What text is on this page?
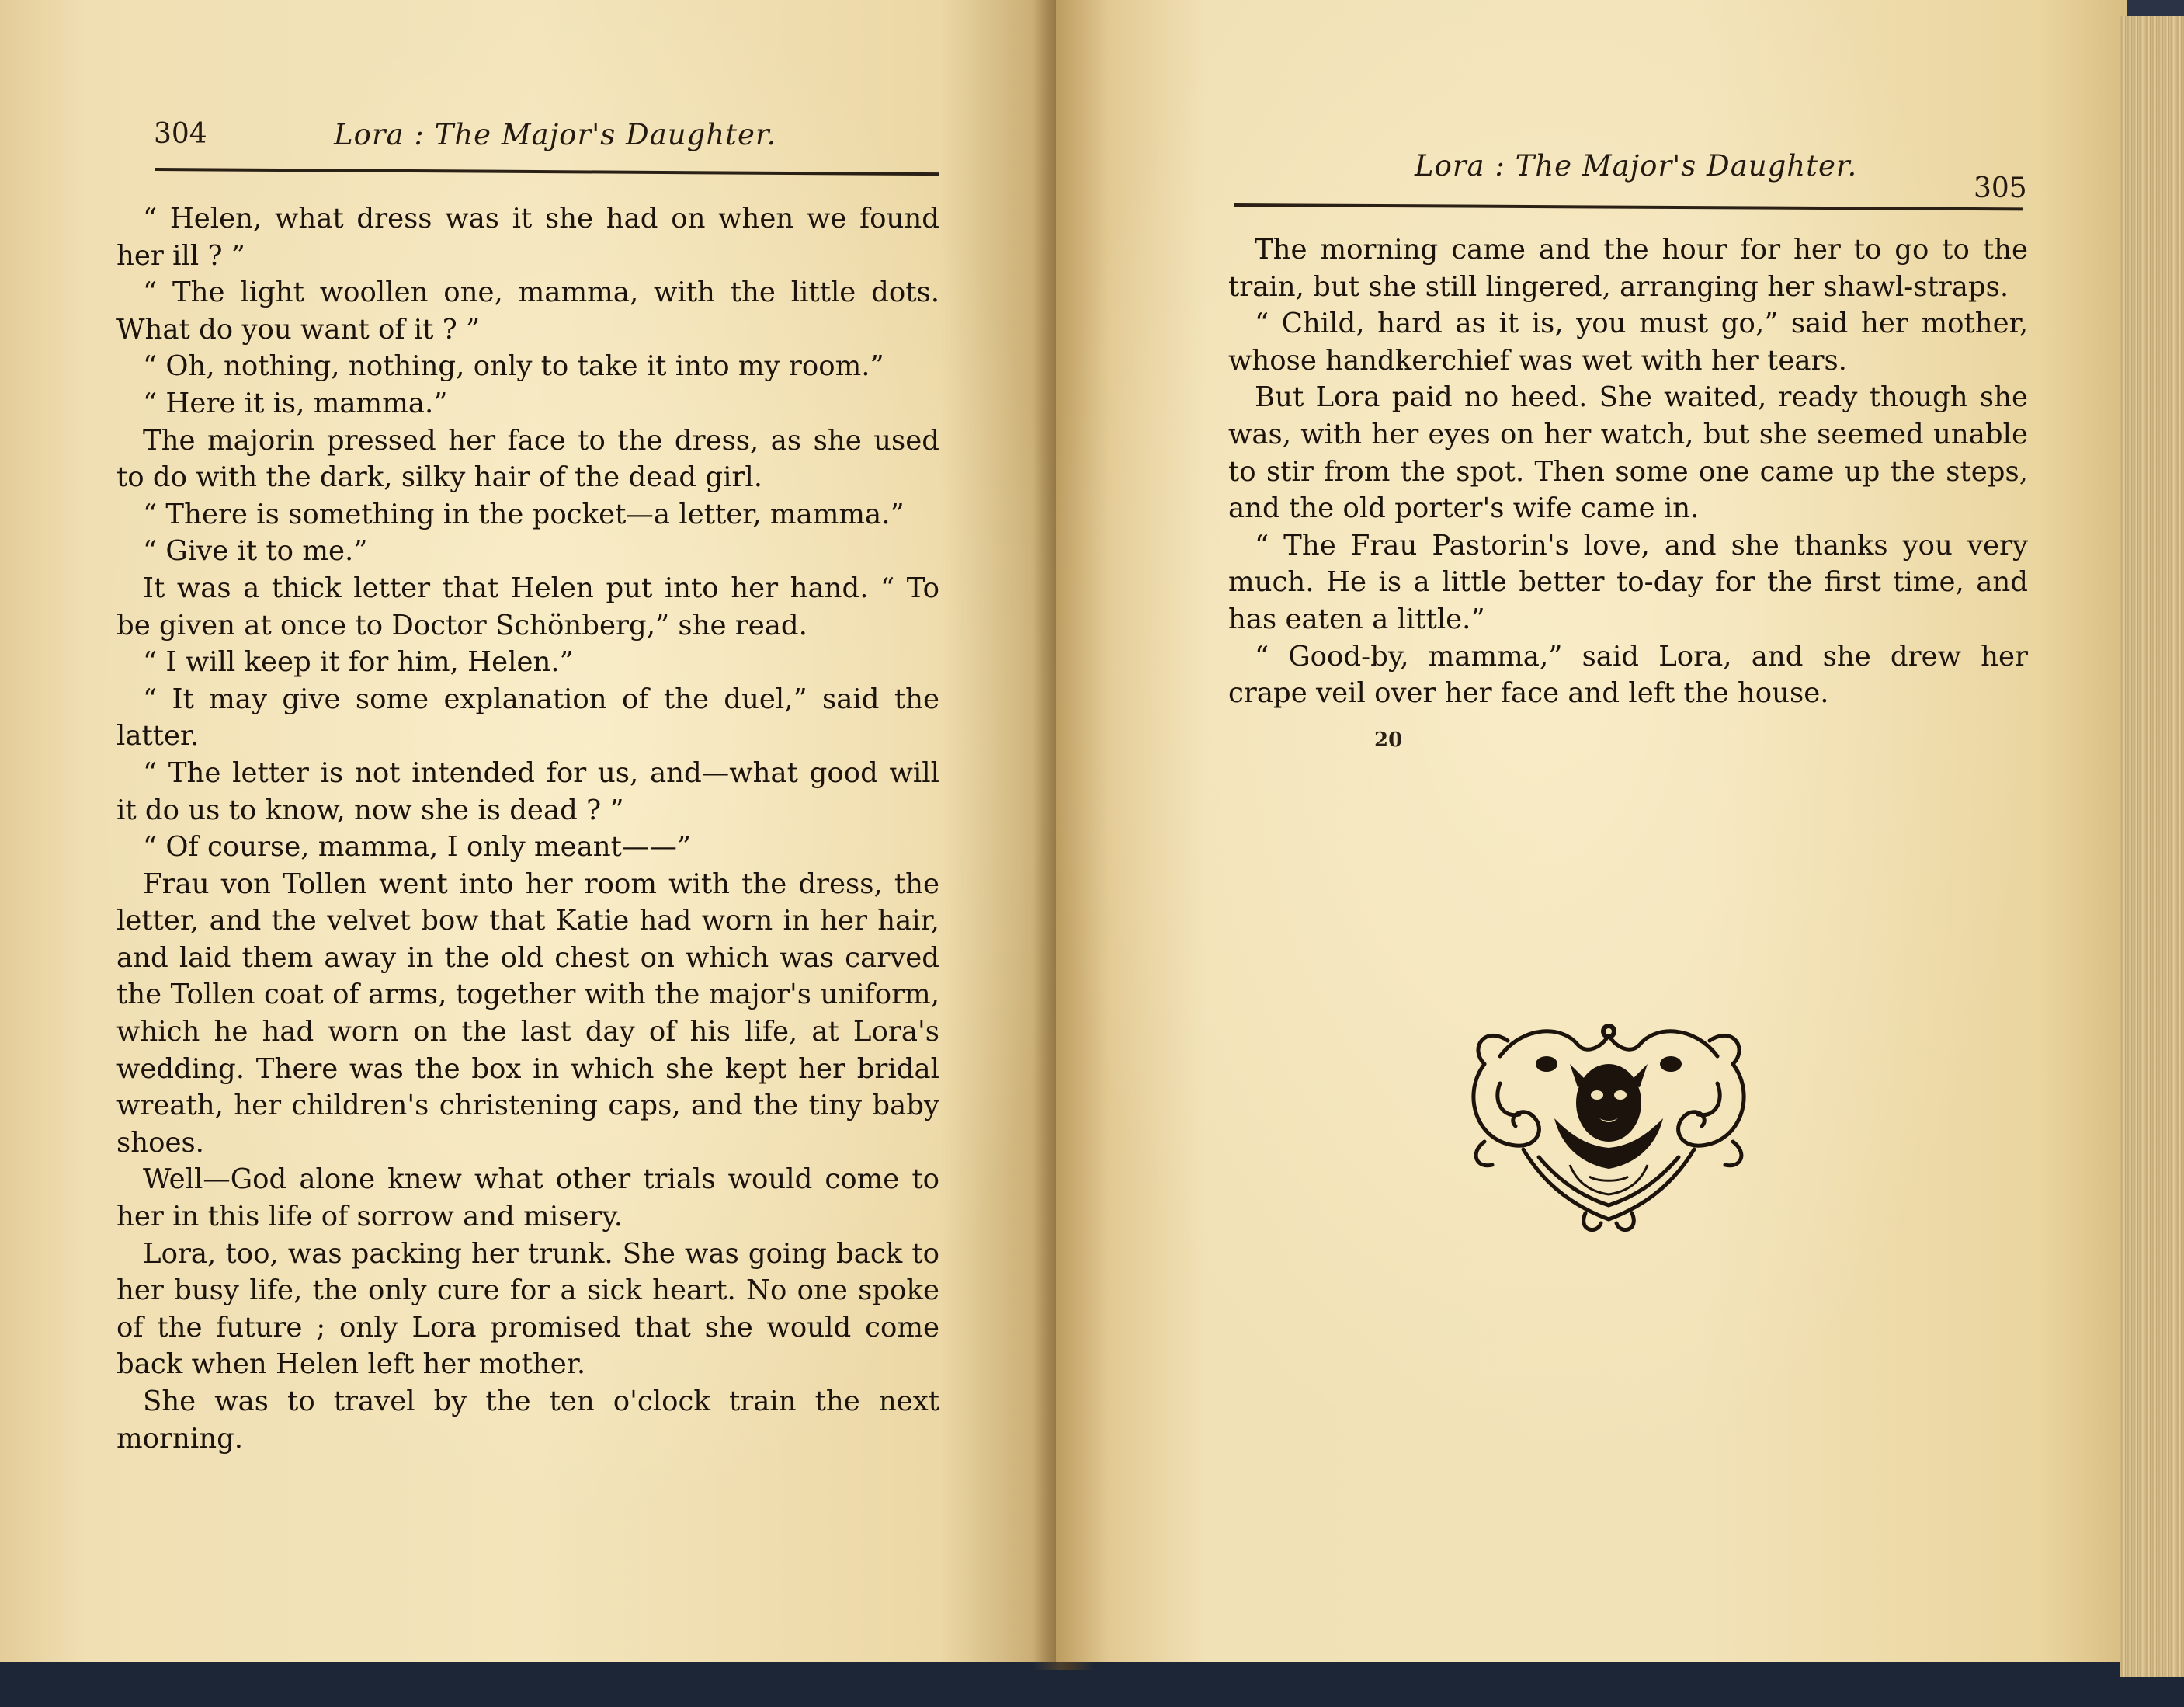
304	Lora : The Major's Daughter.

“ Helen, what dress was it she had on when we found her ill ? ”

“ The light woollen one, mamma, with the little dots. What do you want of it ? ”

“ Oh, nothing, nothing, only to take it into my room.”

“ Here it is, mamma.”

The majorin pressed her face to the dress, as she used to do with the dark, silky hair of the dead girl.

“ There is something in the pocket—a letter, mamma.”

“ Give it to me.”

It was a thick letter that Helen put into her hand. “ To be given at once to Doctor Schönberg,” she read.

“ I will keep it for him, Helen.”

“ It may give some explanation of the duel,” said the latter.

“ The letter is not intended for us, and—what good will it do us to know, now she is dead ? ”

“ Of course, mamma, I only meant——”

Frau von Tollen went into her room with the dress, the letter, and the velvet bow that Katie had worn in her hair, and laid them away in the old chest on which was carved the Tollen coat of arms, together with the major's uniform, which he had worn on the last day of his life, at Lora's wedding. There was the box in which she kept her bridal wreath, her children's christening caps, and the tiny baby shoes.

Well—God alone knew what other trials would come to her in this life of sorrow and misery.

Lora, too, was packing her trunk. She was going back to her busy life, the only cure for a sick heart. No one spoke of the future ; only Lora promised that she would come back when Helen left her mother.

She was to travel by the ten o'clock train the next morning.

Lora : The Major's Daughter.
305

The morning came and the hour for her to go to the train, but she still lingered, arranging her shawl-straps.

“ Child, hard as it is, you must go,” said her mother, whose handkerchief was wet with her tears.

But Lora paid no heed. She waited, ready though she was, with her eyes on her watch, but she seemed unable to stir from the spot. Then some one came up the steps, and the old porter's wife came in.

“ The Frau Pastorin's love, and she thanks you very much. He is a little better to-day for the first time, and has eaten a little.”

“ Good-by, mamma,” said Lora, and she drew her crape veil over her face and left the house.

20
